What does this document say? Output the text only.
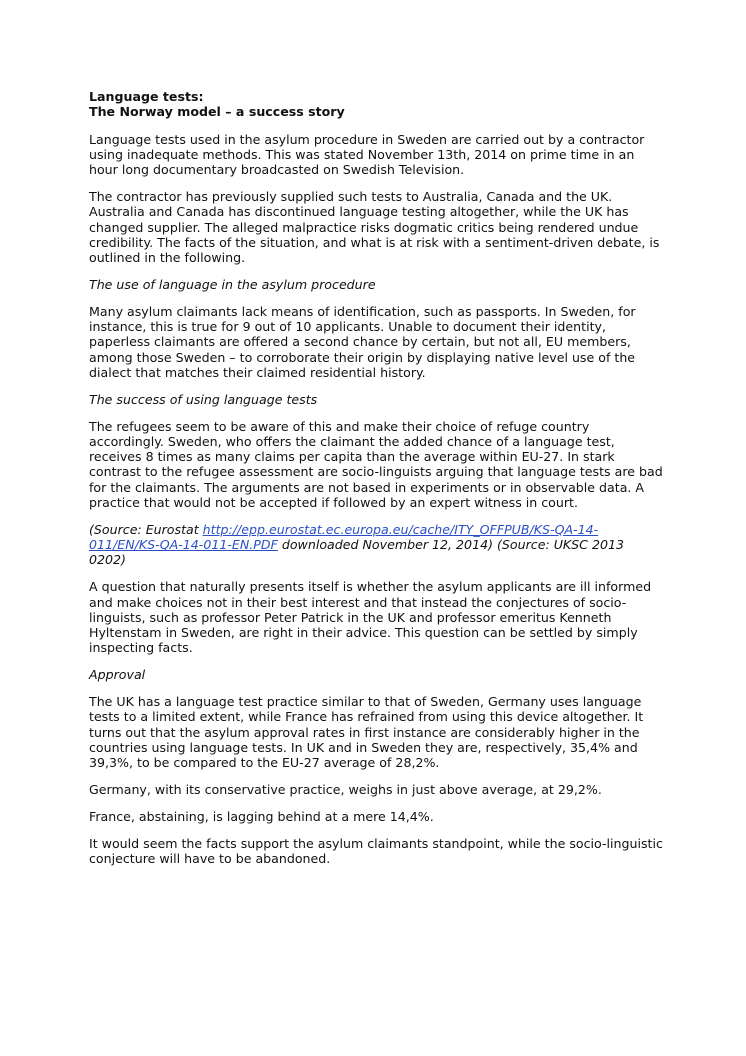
Language tests:
The Norway model – a success story

Language tests used in the asylum procedure in Sweden are carried out by a contractor using inadequate methods. This was stated November 13th, 2014 on prime time in an hour long documentary broadcasted on Swedish Television.

The contractor has previously supplied such tests to Australia, Canada and the UK. Australia and Canada has discontinued language testing altogether, while the UK has changed supplier. The alleged malpractice risks dogmatic critics being rendered undue credibility. The facts of the situation, and what is at risk with a sentiment-driven debate, is outlined in the following.

The use of language in the asylum procedure

Many asylum claimants lack means of identification, such as passports. In Sweden, for instance, this is true for 9 out of 10 applicants. Unable to document their identity, paperless claimants are offered a second chance by certain, but not all, EU members, among those Sweden – to corroborate their origin by displaying native level use of the dialect that matches their claimed residential history.

The success of using language tests

The refugees seem to be aware of this and make their choice of refuge country accordingly. Sweden, who offers the claimant the added chance of a language test, receives 8 times as many claims per capita than the average within EU-27. In stark contrast to the refugee assessment are socio-linguists arguing that language tests are bad for the claimants. The arguments are not based in experiments or in observable data. A practice that would not be accepted if followed by an expert witness in court.

(Source: Eurostat http://epp.eurostat.ec.europa.eu/cache/ITY_OFFPUB/KS-QA-14-011/EN/KS-QA-14-011-EN.PDF downloaded November 12, 2014) (Source: UKSC 2013 0202)

A question that naturally presents itself is whether the asylum applicants are ill informed and make choices not in their best interest and that instead the conjectures of socio-linguists, such as professor Peter Patrick in the UK and professor emeritus Kenneth Hyltenstam in Sweden, are right in their advice. This question can be settled by simply inspecting facts.

Approval

The UK has a language test practice similar to that of Sweden, Germany uses language tests to a limited extent, while France has refrained from using this device altogether. It turns out that the asylum approval rates in first instance are considerably higher in the countries using language tests. In UK and in Sweden they are, respectively, 35,4% and 39,3%, to be compared to the EU-27 average of 28,2%.

Germany, with its conservative practice, weighs in just above average, at 29,2%.

France, abstaining, is lagging behind at a mere 14,4%.

It would seem the facts support the asylum claimants standpoint, while the socio-linguistic conjecture will have to be abandoned.
